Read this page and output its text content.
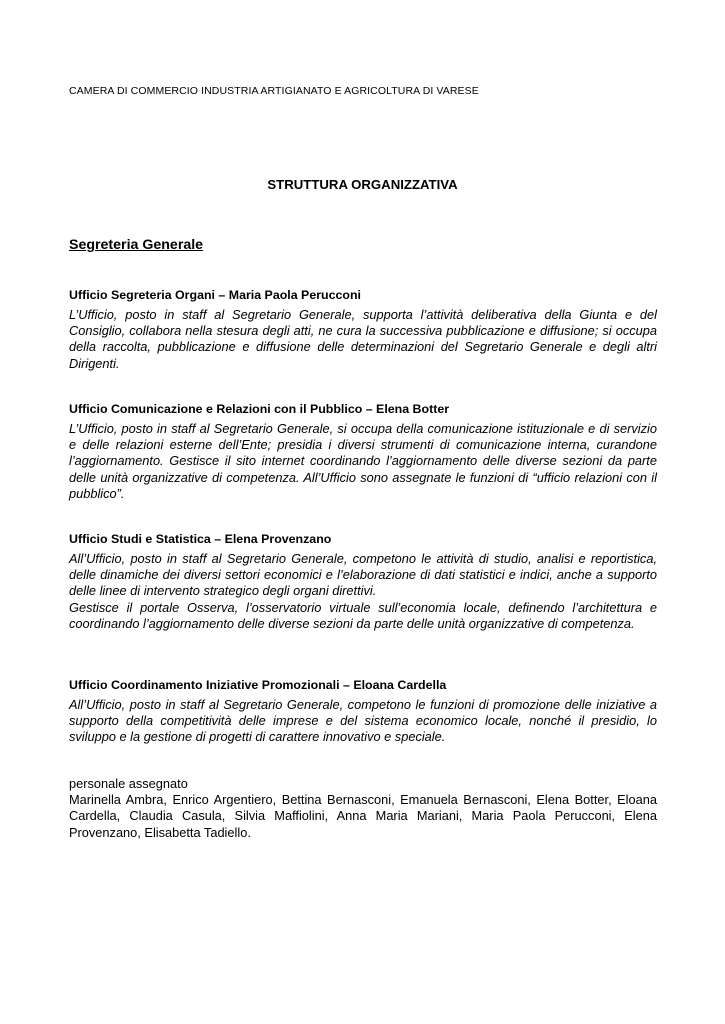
CAMERA DI COMMERCIO INDUSTRIA ARTIGIANATO E AGRICOLTURA DI VARESE
STRUTTURA ORGANIZZATIVA
Segreteria Generale
Ufficio Segreteria Organi – Maria Paola Perucconi

L’Ufficio, posto in staff al Segretario Generale, supporta l’attività deliberativa della Giunta e del Consiglio, collabora nella stesura degli atti, ne cura la successiva pubblicazione e diffusione; si occupa della raccolta, pubblicazione e diffusione delle determinazioni del Segretario Generale e degli altri Dirigenti.

Ufficio Comunicazione e Relazioni con il Pubblico – Elena Botter

L’Ufficio, posto in staff al Segretario Generale, si occupa della comunicazione istituzionale e di servizio e delle relazioni esterne dell’Ente; presidia i diversi strumenti di comunicazione interna, curandone l’aggiornamento. Gestisce il sito internet coordinando l’aggiornamento delle diverse sezioni da parte delle unità organizzative di competenza. All’Ufficio sono assegnate le funzioni di “ufficio relazioni con il pubblico”.

Ufficio Studi e Statistica – Elena Provenzano

All’Ufficio, posto in staff al Segretario Generale, competono le attività di studio, analisi e reportistica, delle dinamiche dei diversi settori economici e l’elaborazione di dati statistici e indici, anche a supporto delle linee di intervento strategico degli organi direttivi.

Gestisce il portale Osserva, l’osservatorio virtuale sull’economia locale, definendo l’architettura e coordinando l’aggiornamento delle diverse sezioni da parte delle unità organizzative di competenza.

Ufficio Coordinamento Iniziative Promozionali – Eloana Cardella

All’Ufficio, posto in staff al Segretario Generale, competono le funzioni di promozione delle iniziative a supporto della competitività delle imprese e del sistema economico locale, nonché il presidio, lo sviluppo e la gestione di progetti di carattere innovativo e speciale.

personale assegnato
Marinella Ambra, Enrico Argentiero, Bettina Bernasconi, Emanuela Bernasconi, Elena Botter, Eloana Cardella, Claudia Casula, Silvia Maffiolini, Anna Maria Mariani, Maria Paola Perucconi, Elena Provenzano, Elisabetta Tadiello.
